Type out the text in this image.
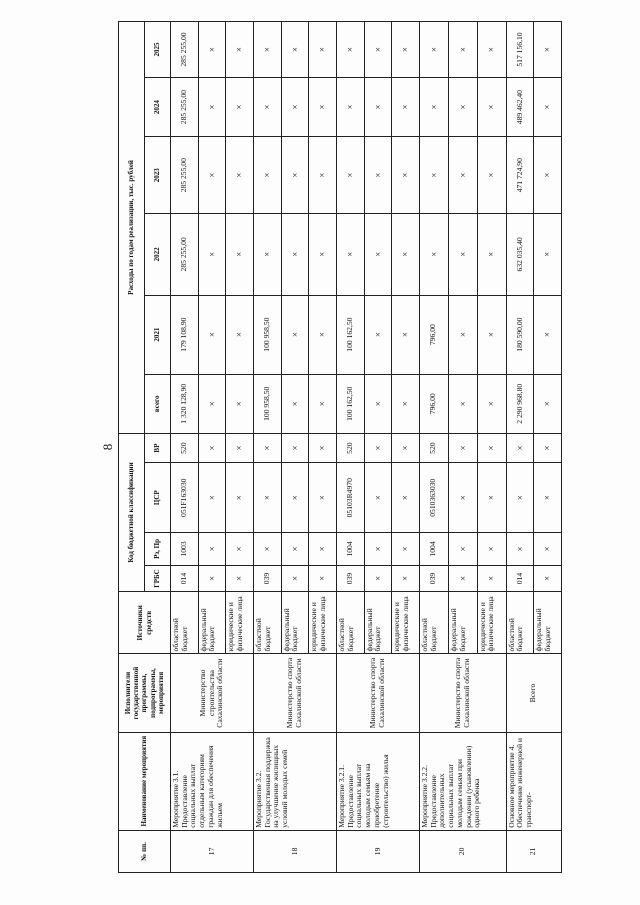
8
№ пп.	Наименование мероприятия	Исполнители государственной программы, подпрограммы, мероприятия	Источники средств	Код бюджетной классификации				Расходы по годам реализации, тыс. рублей					
				ГРБС	Рз, Пр	ЦСР	ВР	всего	2021	2022	2023	2024	2025
17	Мероприятие 3.1. Предоставление социальных выплат отдельным категориям граждан для обеспечения жильем	Министерство строительства Сахалинской области	областной бюджет	014	1003	051F163030	520	1 320 128,90	179 108,90	285 255,00	285 255,00	285 255,00	285 255,00
			федеральный бюджет	×	×	×	×	×	×	×	×	×	×
			юридические и физические лица	×	×	×	×	×	×	×	×	×	×
18	Мероприятие 3.2. Государственная поддержка на улучшение жилищных условий молодых семей	Министерство спорта Сахалинской области	областной бюджет	039	×	×	×	100 958,50	100 958,50	×	×	×	×
			федеральный бюджет	×	×	×	×	×	×	×	×	×	×
			юридические и физические лица	×	×	×	×	×	×	×	×	×	×
19	Мероприятие 3.2.1. Предоставление социальных выплат молодым семьям на приобретение (строительство) жилья	Министерство спорта Сахалинской области	областной бюджет	039	1004	05103R4970	520	100 162,50	100 162,50	×	×	×	×
			федеральный бюджет	×	×	×	×	×	×	×	×	×	×
			юридические и физические лица	×	×	×	×	×	×	×	×	×	×
20	Мероприятие 3.2.2. Предоставление дополнительных социальных выплат молодым семьям при рождении (усыновлении) одного ребенка	Министерство спорта Сахалинской области	областной бюджет	039	1004	0510363030	520	796,00	796,00	×	×	×	×
			федеральный бюджет	×	×	×	×	×	×	×	×	×	×
			юридические и физические лица	×	×	×	×	×	×	×	×	×	×
21	Основное мероприятие 4. Обеспечение инженерной и транспорт-	Всего	областной бюджет	014	×	×	×	2 290 968,80	180 590,00	632 035,40	471 724,90	489 462,40	517 156,10
			федеральный бюджет	×	×	×	×	×	×	×	×	×	×
